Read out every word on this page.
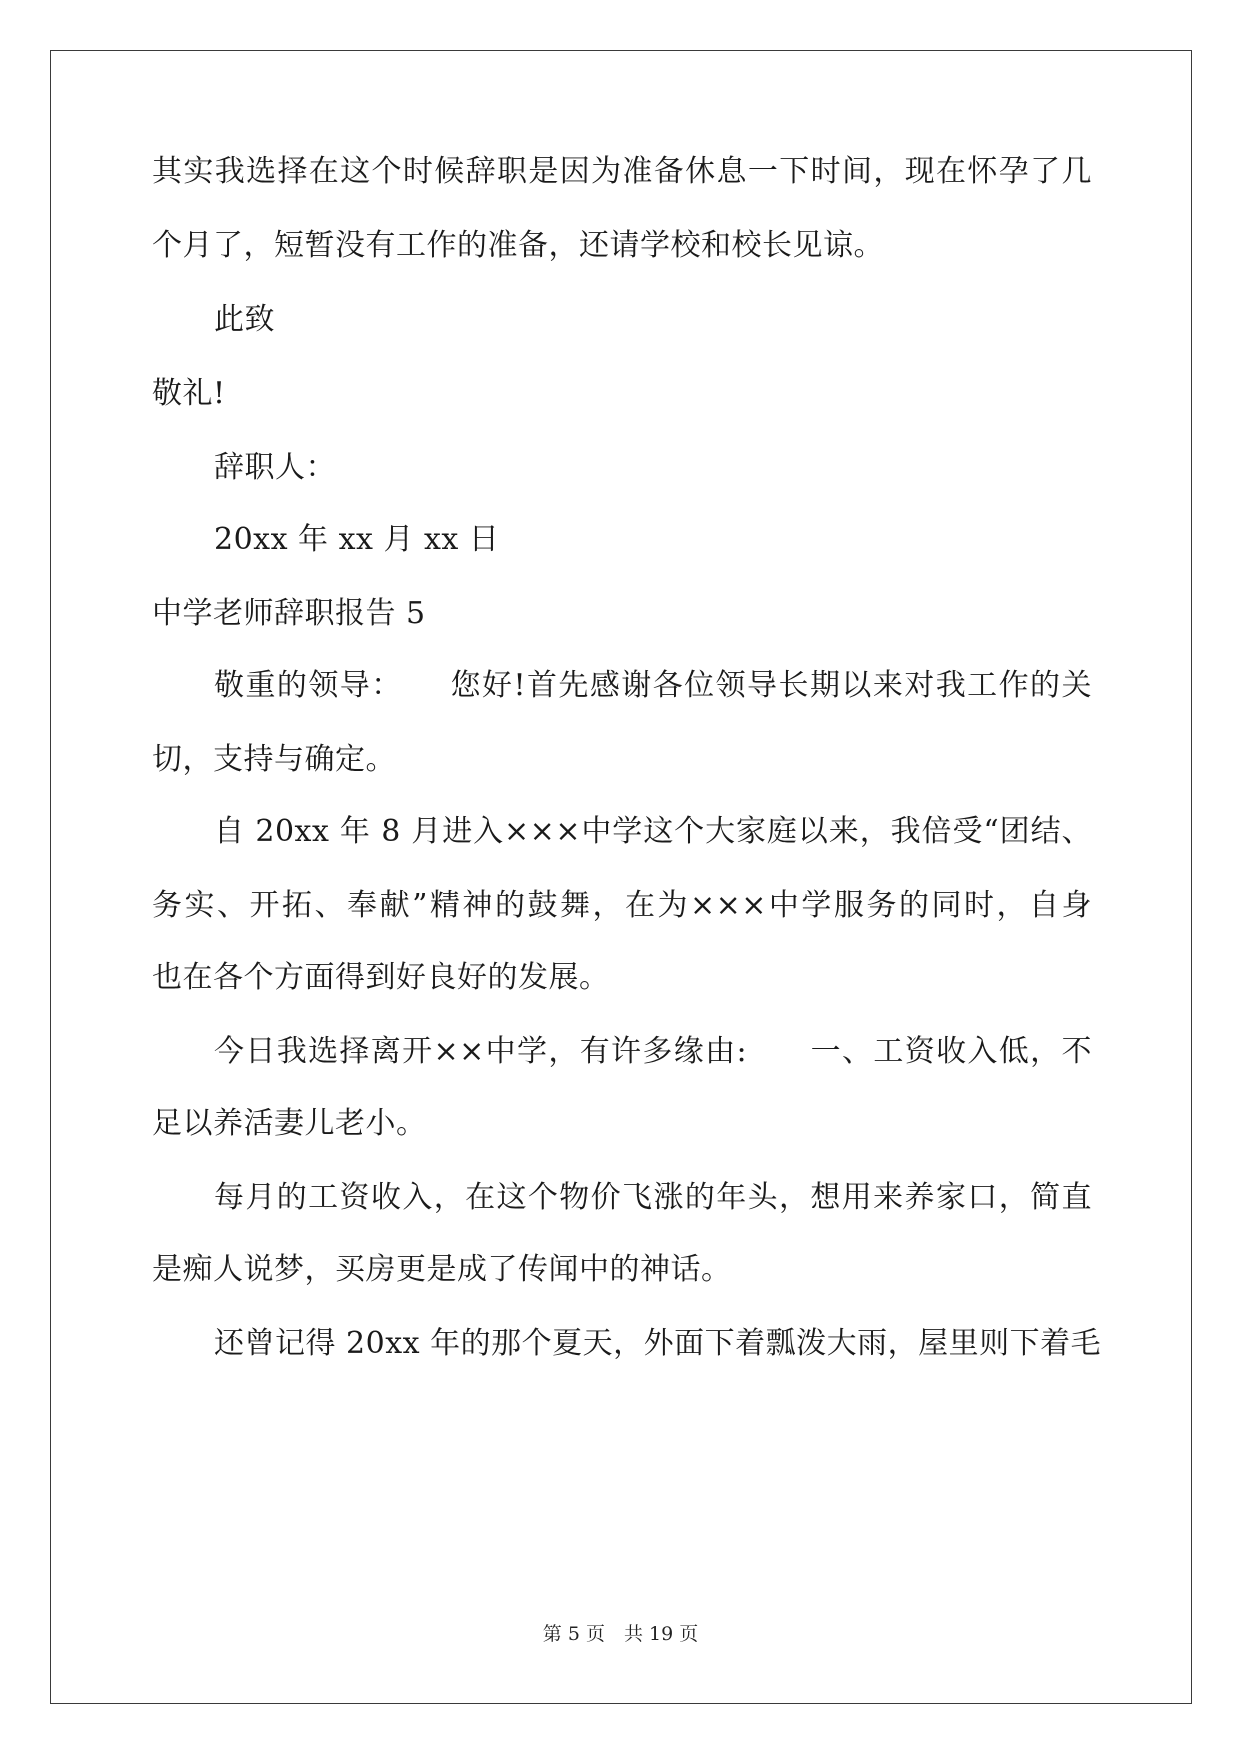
其实我选择在这个时候辞职是因为准备休息一下时间，现在怀孕了几
个月了，短暂没有工作的准备，还请学校和校长见谅。
此致
敬礼!
辞职人：
20xx 年 xx 月 xx 日
中学老师辞职报告 5
敬重的领导：　　您好!首先感谢各位领导长期以来对我工作的关
切，支持与确定。
自 20xx 年 8 月进入×××中学这个大家庭以来，我倍受“团结、
务实、开拓、奉献”精神的鼓舞，在为×××中学服务的同时，自身
也在各个方面得到好良好的发展。
今日我选择离开××中学，有许多缘由:　　一、工资收入低，不
足以养活妻儿老小。
每月的工资收入，在这个物价飞涨的年头，想用来养家口，简直
是痴人说梦，买房更是成了传闻中的神话。
还曾记得 20xx 年的那个夏天，外面下着瓢泼大雨，屋里则下着毛
第 5 页　共 19 页
